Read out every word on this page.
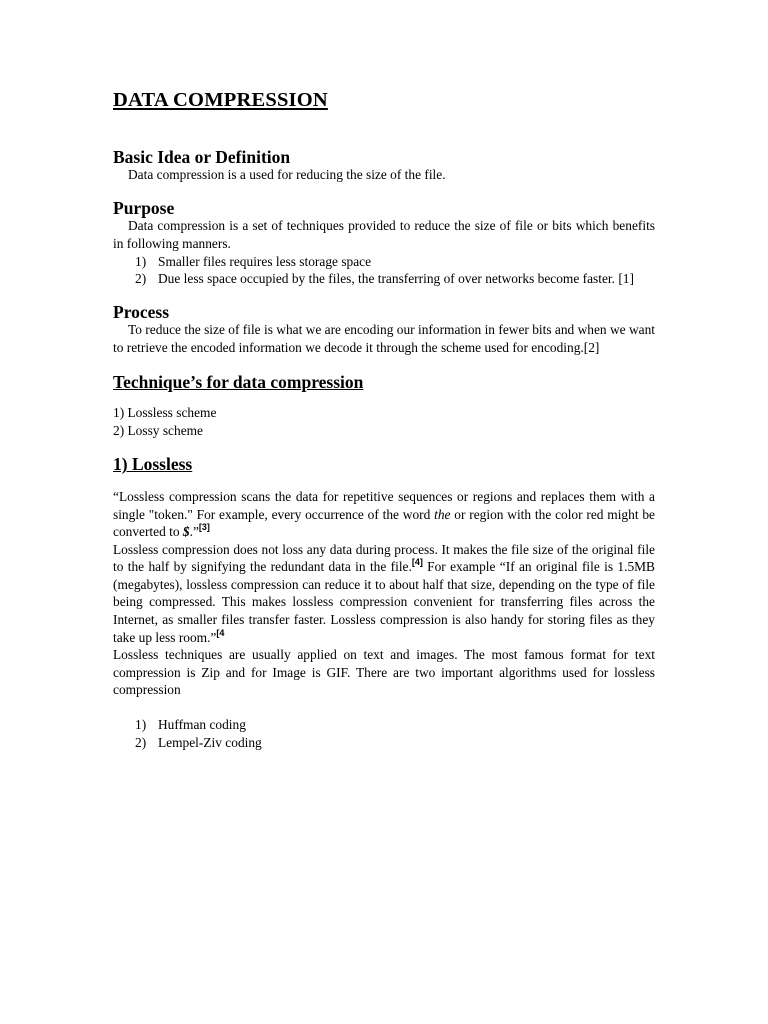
DATA COMPRESSION
Basic Idea or Definition

Data compression is a used for reducing the size of the file.

Purpose

Data compression is a set of techniques provided to reduce the size of file or bits which benefits in following manners.

1) Smaller files requires less storage space
2) Due less space occupied by the files, the transferring of over networks become faster. [1]
Process

To reduce the size of file is what we are encoding our information in fewer bits and when we want to retrieve the encoded information we decode it through the scheme used for encoding.[2]

Technique’s for data compression
1) Lossless scheme
2) Lossy scheme
1) Lossless

“Lossless compression scans the data for repetitive sequences or regions and replaces them with a single "token." For example, every occurrence of the word the or region with the color red might be converted to $.”[3]

Lossless compression does not loss any data during process. It makes the file size of the original file to the half by signifying the redundant data in the file.[4] For example “If an original file is 1.5MB (megabytes), lossless compression can reduce it to about half that size, depending on the type of file being compressed. This makes lossless compression convenient for transferring files across the Internet, as smaller files transfer faster. Lossless compression is also handy for storing files as they take up less room.”$^{[4}$

Lossless techniques are usually applied on text and images. The most famous format for text compression is Zip and for Image is GIF. There are two important algorithms used for lossless compression

1) Huffman coding
2) Lempel-Ziv coding
